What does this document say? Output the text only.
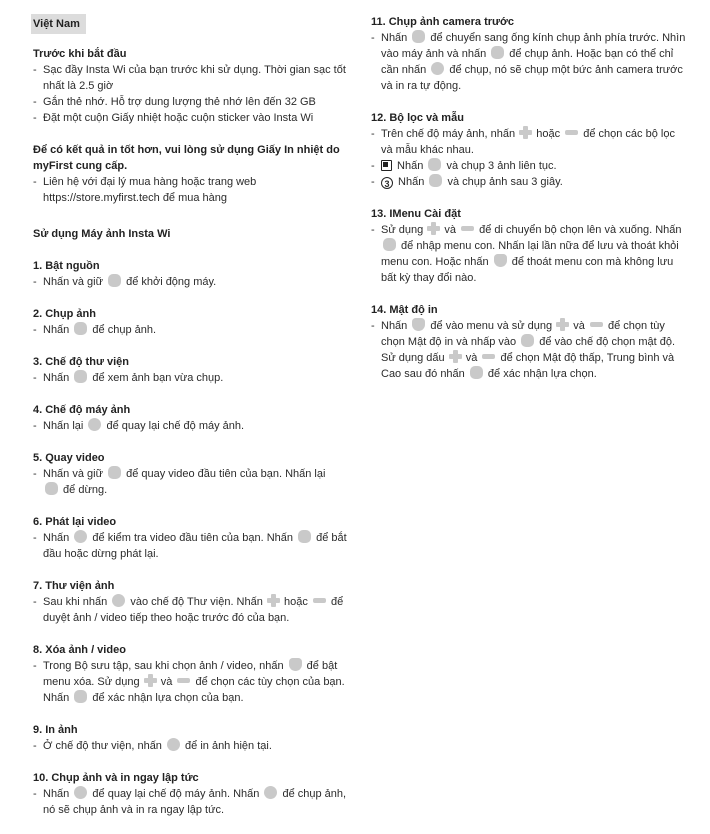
Việt Nam
Trước khi bắt đầu
- Sạc đầy Insta Wi của bạn trước khi sử dụng. Thời gian sạc tốt nhất là 2.5 giờ
- Gắn thẻ nhớ. Hỗ trợ dung lượng thẻ nhớ lên đến 32 GB
- Đặt một cuộn Giấy nhiệt hoặc cuộn sticker vào Insta Wi
Để có kết quả in tốt hơn, vui lòng sử dụng Giấy In nhiệt do myFirst cung cấp.
- Liên hệ với đại lý mua hàng hoặc trang web https://store.myfirst.tech để mua hàng
Sử dụng Máy ảnh Insta Wi
1. Bật nguồn
- Nhấn và giữ  để khởi động máy.
2. Chụp ảnh
- Nhấn  để chụp ảnh.
3. Chế độ thư viện
- Nhấn  để xem ảnh bạn vừa chụp.
4. Chế độ máy ảnh
- Nhấn lại  để quay lại chế độ máy ảnh.
5. Quay video
- Nhấn và giữ  để quay video đầu tiên của bạn. Nhấn lại
để dừng.
6. Phát lại video
- Nhấn  để kiểm tra video đầu tiên của bạn. Nhấn  để bắt đầu hoặc dừng phát lại.
7. Thư viện ảnh
- Sau khi nhấn  vào chế độ Thư viện. Nhấn  hoặc  để duyệt ảnh / video tiếp theo hoặc trước đó của bạn.
8. Xóa ảnh / video
- Trong Bộ sưu tập, sau khi chọn ảnh / video, nhấn  để bật menu xóa. Sử dụng  và  để chọn các tùy chọn của bạn. Nhấn  để xác nhận lựa chọn của bạn.
9. In ảnh
- Ở chế độ thư viện, nhấn  để in ảnh hiện tại.
10. Chụp ảnh và in ngay lập tức
- Nhấn  để quay lại chế độ máy ảnh. Nhấn  để chụp ảnh, nó sẽ chụp ảnh và in ra ngay lập tức.
11. Chụp ảnh camera trước
- Nhấn  để chuyển sang ống kính chụp ảnh phía trước. Nhìn vào máy ảnh và nhấn  để chụp ảnh. Hoặc bạn có thể chỉ cần nhấn  để chụp, nó sẽ chụp một bức ảnh camera trước và in ra tự động.
12. Bộ lọc và mẫu
- Trên chế độ máy ảnh, nhấn  hoặc  để chọn các bộ lọc và mẫu khác nhau.
-	Nhấn  và chụp 3 ảnh liên tục.
-	3 Nhấn  và chụp ảnh sau 3 giây.
13. IMenu Cài đặt
- Sử dụng  và  để di chuyển bộ chọn lên và xuống. Nhấn  để nhập menu con. Nhấn lại lần nữa để lưu và thoát khỏi menu con. Hoặc nhấn  để thoát menu con mà không lưu bất kỳ thay đổi nào.
14. Mật độ in
- Nhấn  để vào menu và sử dụng  và  để chọn tùy chọn Mật độ in và nhấp vào  để vào chế độ chọn mật độ. Sử dụng dấu  và  để chọn Mật độ thấp, Trung bình và Cao sau đó nhấn  để xác nhận lựa chọn.
